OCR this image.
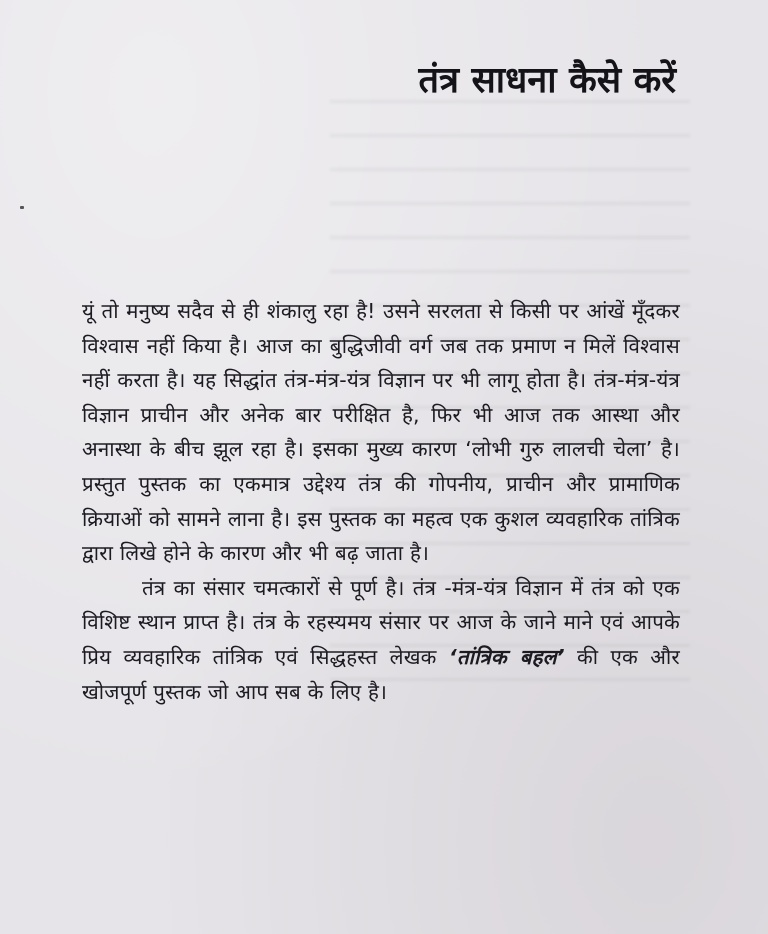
तंत्र साधना कैसे करें

यूं तो मनुष्य सदैव से ही शंकालु रहा है! उसने सरलता से किसी पर आंखें मूँदकर विश्वास नहीं किया है। आज का बुद्धिजीवी वर्ग जब तक प्रमाण न मिलें विश्वास नहीं करता है। यह सिद्धांत तंत्र-मंत्र-यंत्र विज्ञान पर भी लागू होता है। तंत्र-मंत्र-यंत्र विज्ञान प्राचीन और अनेक बार परीक्षित है, फिर भी आज तक आस्था और अनास्था के बीच झूल रहा है। इसका मुख्य कारण ‘लोभी गुरु लालची चेला’ है। प्रस्तुत पुस्तक का एकमात्र उद्देश्य तंत्र की गोपनीय, प्राचीन और प्रामाणिक क्रियाओं को सामने लाना है। इस पुस्तक का महत्व एक कुशल व्यवहारिक तांत्रिक द्वारा लिखे होने के कारण और भी बढ़ जाता है।

तंत्र का संसार चमत्कारों से पूर्ण है। तंत्र -मंत्र-यंत्र विज्ञान में तंत्र को एक विशिष्ट स्थान प्राप्त है। तंत्र के रहस्यमय संसार पर आज के जाने माने एवं आपके प्रिय व्यवहारिक तांत्रिक एवं सिद्धहस्त लेखक ‘तांत्रिक बहल’ की एक और खोजपूर्ण पुस्तक जो आप सब के लिए है।
